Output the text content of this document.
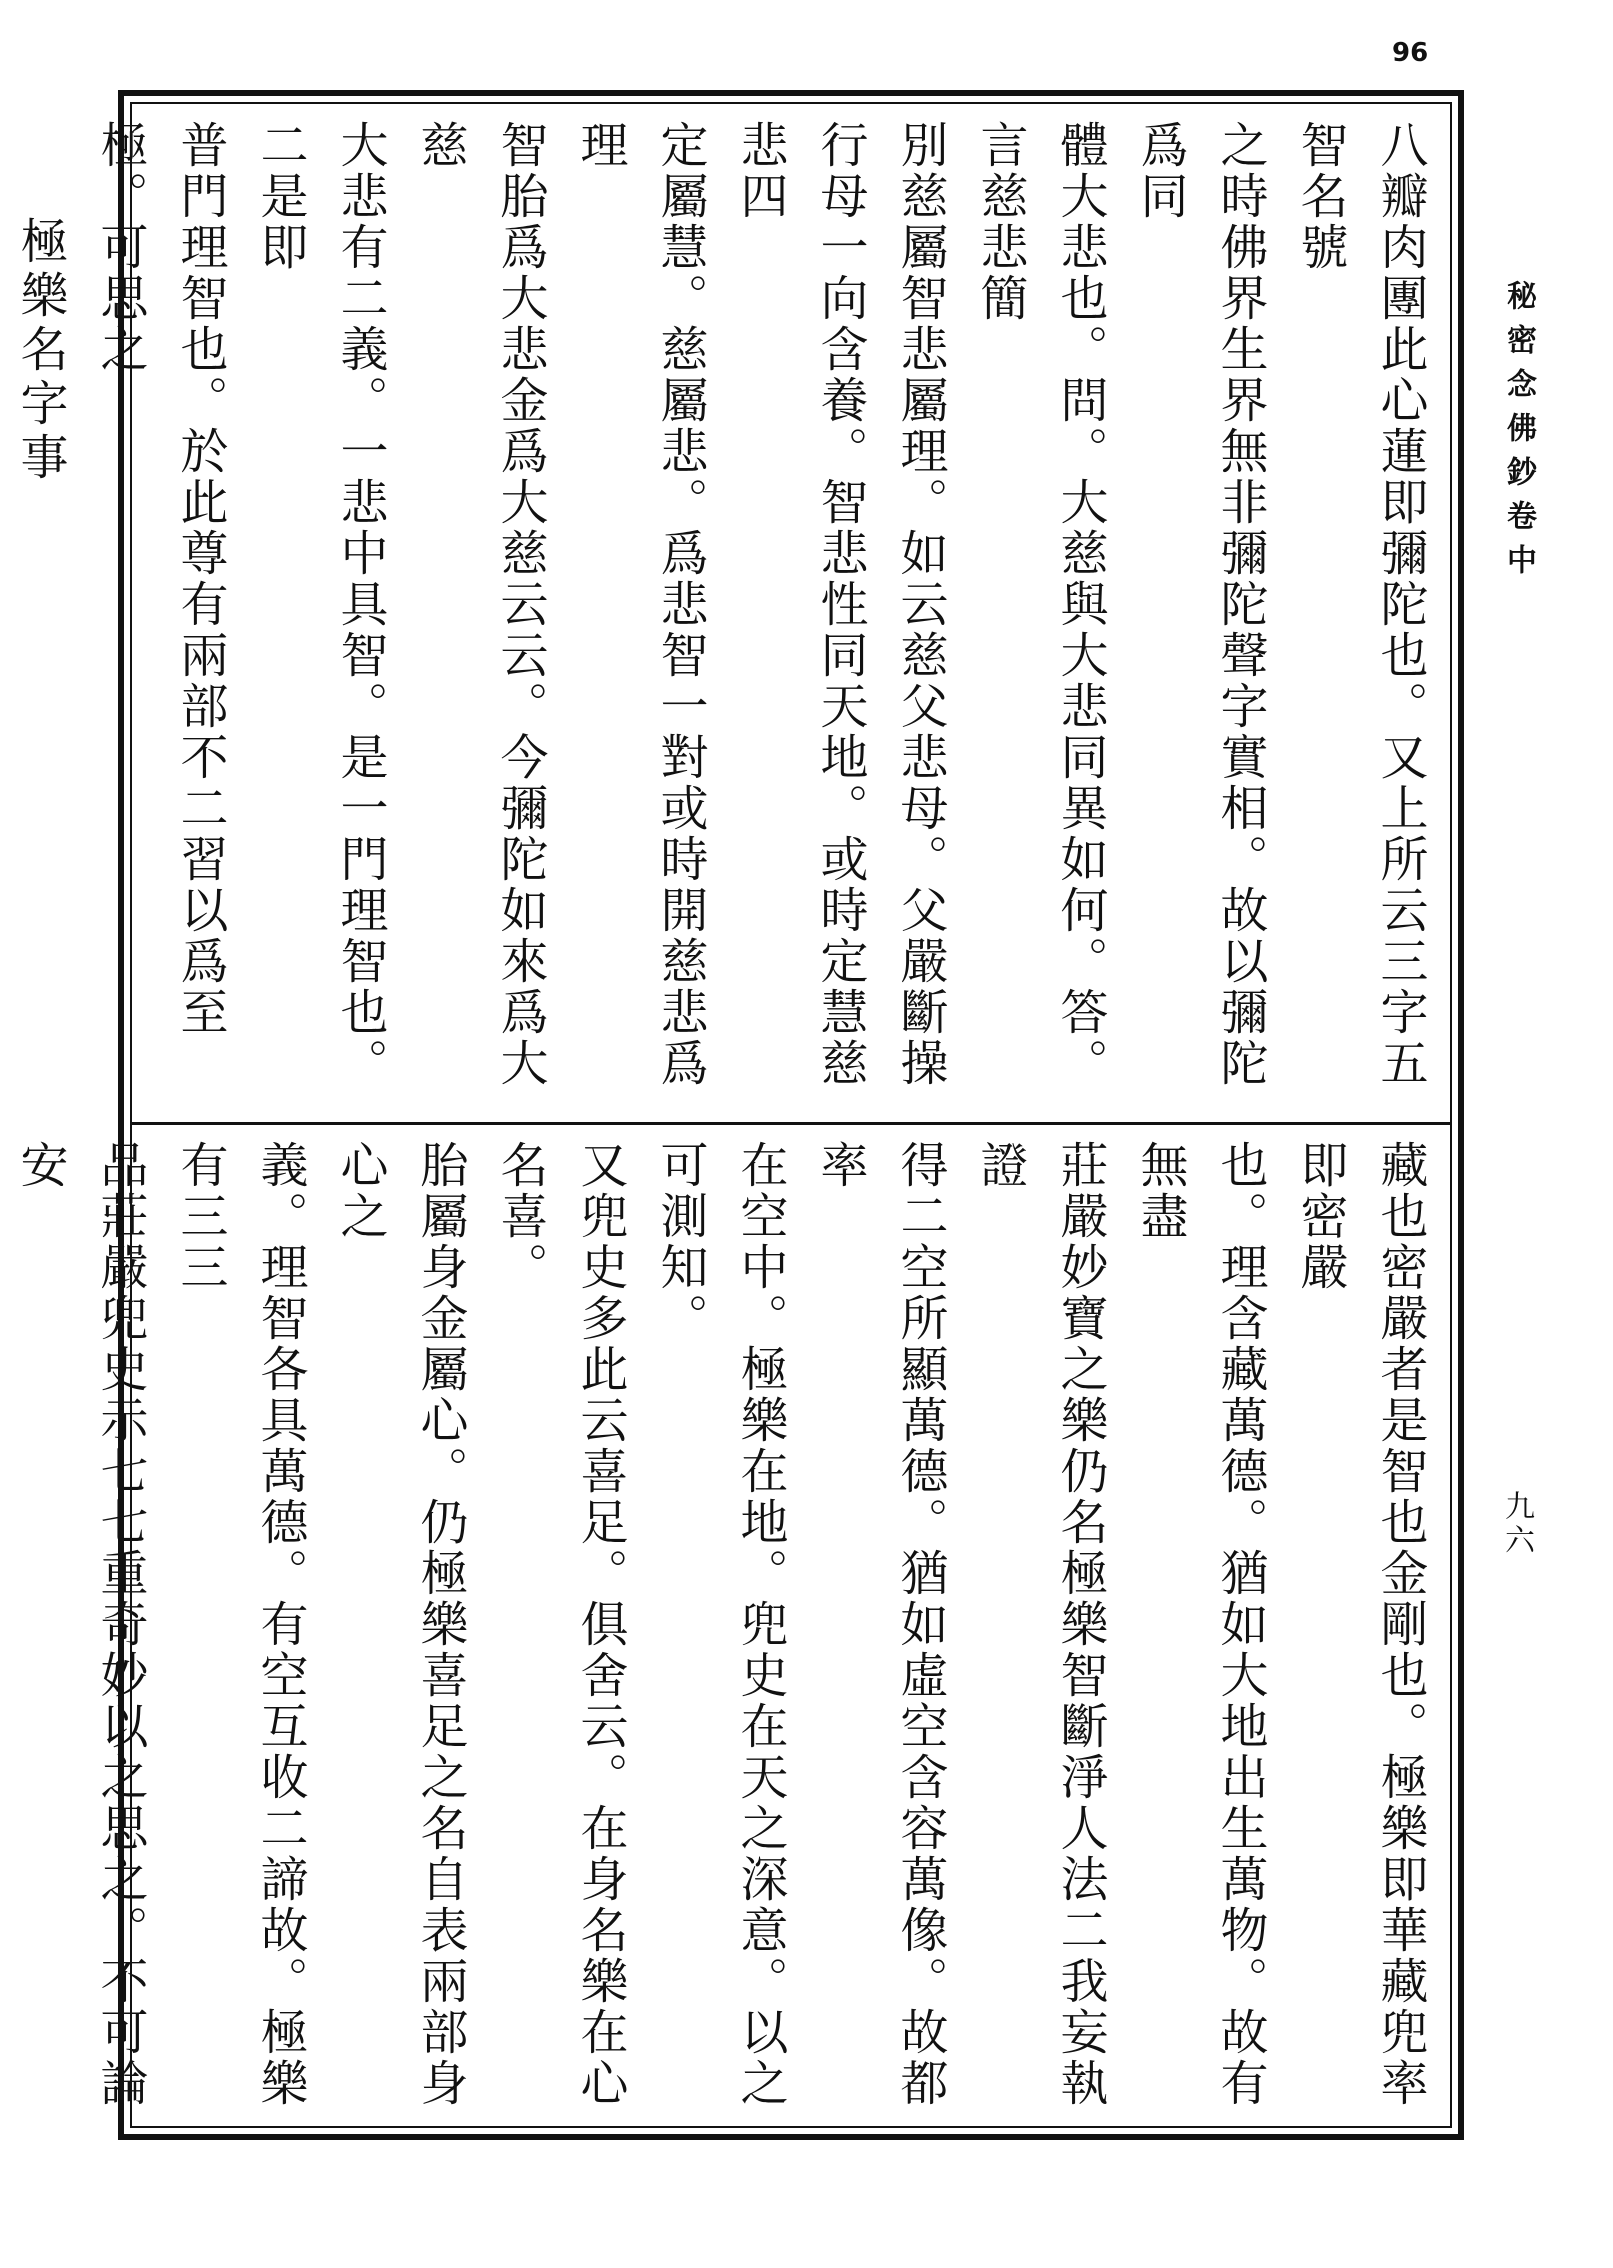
96

八瓣肉團此心蓮即彌陀也。又上所云三字五智名號

之時佛界生界無非彌陀聲字實相。故以彌陀爲同

體大悲也。問。大慈與大悲同異如何。答。言慈悲簡

別慈屬智悲屬理。如云慈父悲母。父嚴斷操

行母一向含養。智悲性同天地。或時定慧慈悲四

定屬慧。慈屬悲。爲悲智一對或時開慈悲爲理

智胎爲大悲金爲大慈云云。今彌陀如來爲大慈

大悲有二義。一悲中具智。是一門理智也。二是即

普門理智也。於此尊有兩部不二習以爲至極。可思之

極樂名字事

藏也密嚴者是智也金剛也。極樂即華藏兜率即密嚴

也。理含藏萬德。猶如大地出生萬物。故有無盡

莊嚴妙寶之樂仍名極樂智斷淨人法二我妄執證

得二空所顯萬德。猶如虛空含容萬像。故都率

在空中。極樂在地。兜史在天之深意。以之可測知。

又兜史多此云喜足。俱舍云。在身名樂在心名喜。

胎屬身金屬心。仍極樂喜足之名自表兩部身心之

義。理智各具萬德。有空互收二諦故。極樂有三三

品莊嚴兜史示七七重奇妙以之思之。不可論安

秘密念佛鈔卷中
九六
